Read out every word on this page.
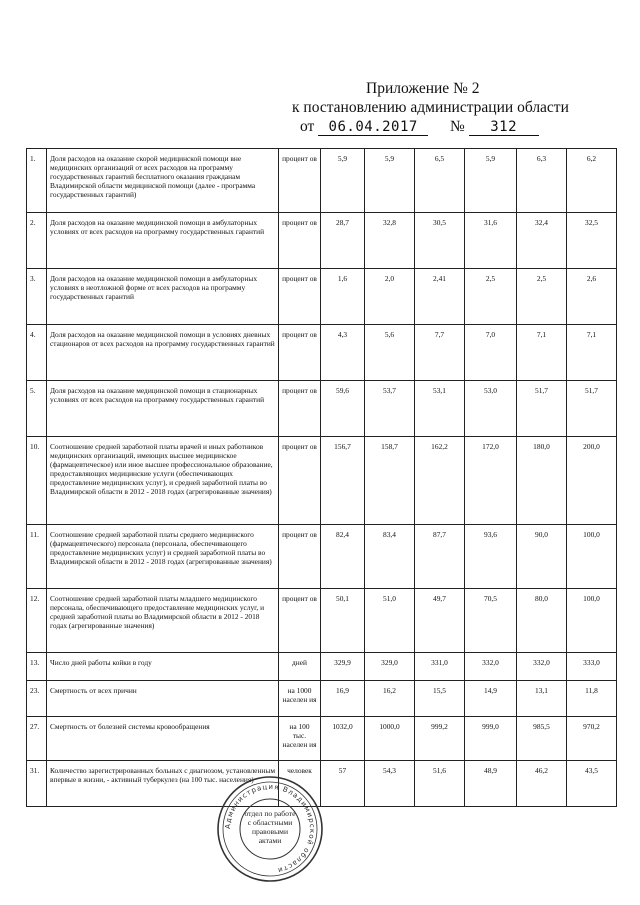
Приложение № 2
к постановлению администрации области
от 06.04.2017 № 312
1.	Доля расходов на оказание скорой медицинской помощи вне медицинских организаций от всех расходов на программу государственных гарантий бесплатного оказания гражданам Владимирской области медицинской помощи (далее - программа государственных гарантий)	процент ов	5,9	5,9	6,5	5,9	6,3	6,2
2.	Доля расходов на оказание медицинской помощи в амбулаторных условиях от всех расходов на программу государственных гарантий	процент ов	28,7	32,8	30,5	31,6	32,4	32,5
3.	Доля расходов на оказание медицинской помощи в амбулаторных условиях в неотложной форме от всех расходов на программу государственных гарантий	процент ов	1,6	2,0	2,41	2,5	2,5	2,6
4.	Доля расходов на оказание медицинской помощи в условиях дневных стационаров от всех расходов на программу государственных гарантий	процент ов	4,3	5,6	7,7	7,0	7,1	7,1
5.	Доля расходов на оказание медицинской помощи в стационарных условиях от всех расходов на программу государственных гарантий	процент ов	59,6	53,7	53,1	53,0	51,7	51,7
10.	Соотношение средней заработной платы врачей и иных работников медицинских организаций, имеющих высшее медицинское (фармацевтическое) или иное высшее профессиональное образование, предоставляющих медицинские услуги (обеспечивающих предоставление медицинских услуг), и средней заработной платы во Владимирской области в 2012 - 2018 годах (агрегированные значения)	процент ов	156,7	158,7	162,2	172,0	180,0	200,0
11.	Соотношение средней заработной платы среднего медицинского (фармацевтического) персонала (персонала, обеспечивающего предоставление медицинских услуг) и средней заработной платы во Владимирской области в 2012 - 2018 годах (агрегированные значения)	процент ов	82,4	83,4	87,7	93,6	90,0	100,0
12.	Соотношение средней заработной платы младшего медицинского персонала, обеспечивающего предоставление медицинских услуг, и средней заработной платы во Владимирской области в 2012 - 2018 годах (агрегированные значения)	процент ов	50,1	51,0	49,7	70,5	80,0	100,0
13.	Число дней работы койки в году	дней	329,9	329,0	331,0	332,0	332,0	333,0
23.	Смертность от всех причин	на 1000 населен ия	16,9	16,2	15,5	14,9	13,1	11,8
27.	Смертность от болезней системы кровообращения	на 100 тыс. населен ия	1032,0	1000,0	999,2	999,0	985,5	970,2
31.	Количество зарегистрированных больных с диагнозом, установленным впервые в жизни, - активный туберкулез (на 100 тыс. населения)	человек	57	54,3	51,6	48,9	46,2	43,5
Администрация Владимирской области
отдел по работе с областными правовыми актами
